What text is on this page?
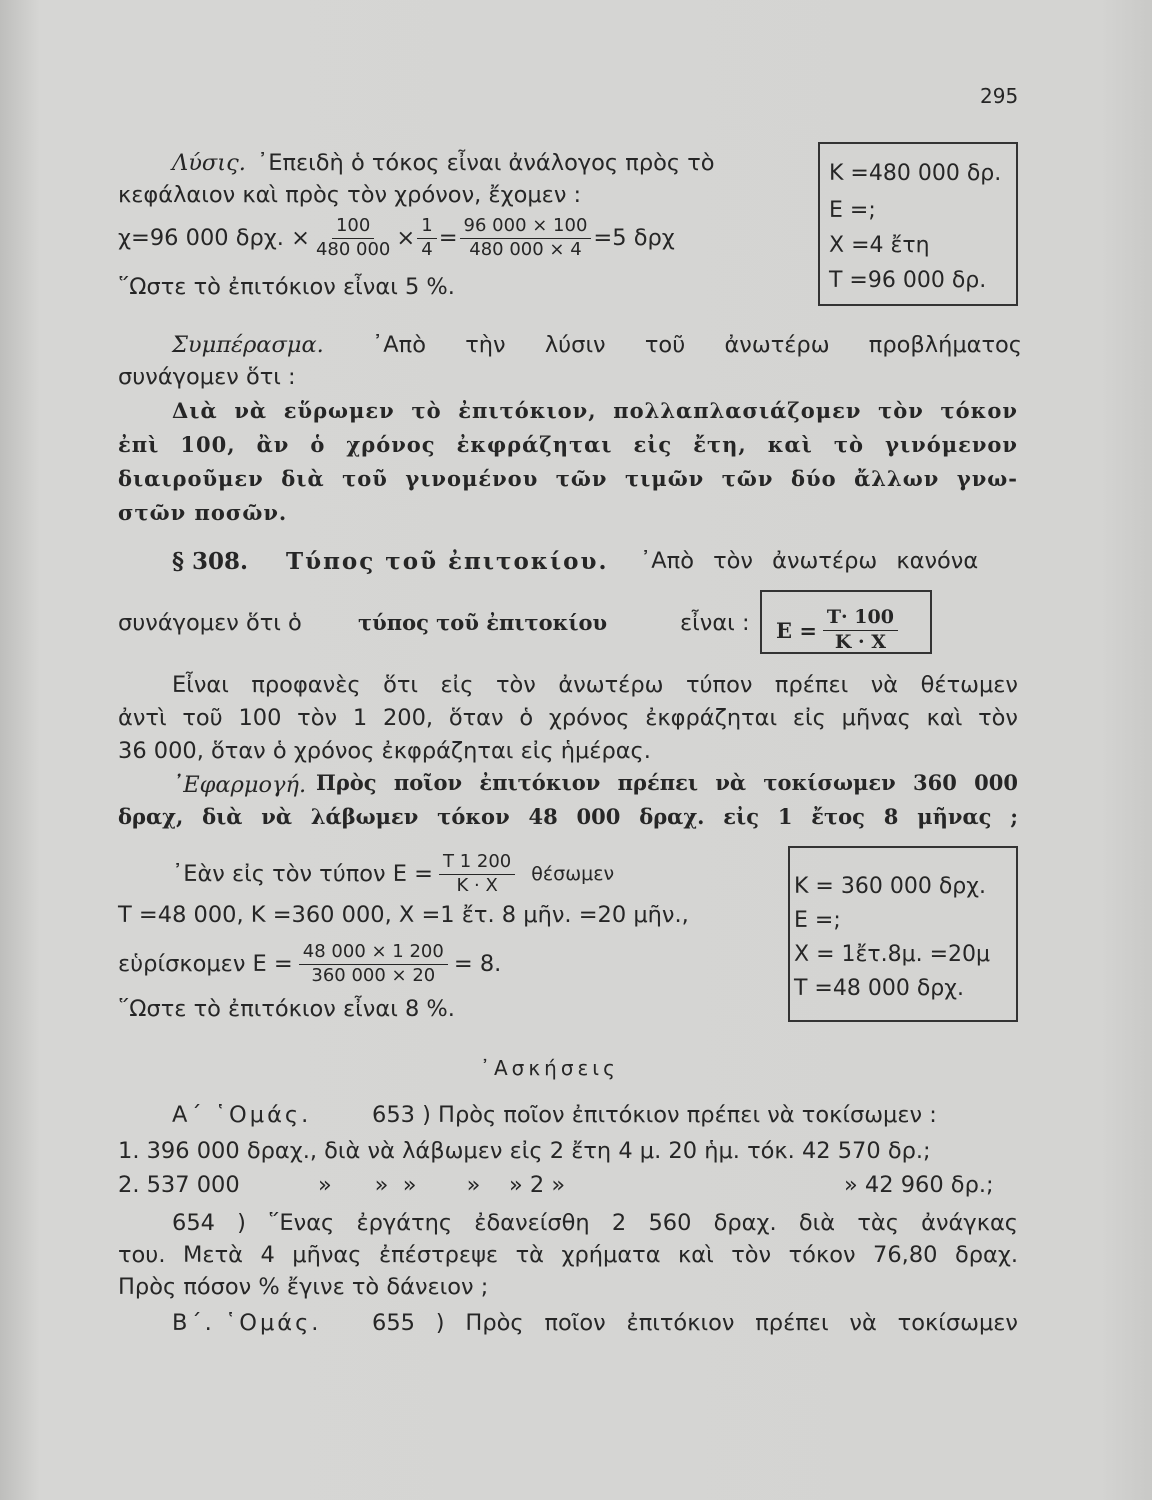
295
Λύσις. ᾿Επειδὴ ὁ τόκος εἶναι ἀνάλογος πρὸς τὸ
κεφάλαιον καὶ πρὸς τὸν χρόνον, ἔχομεν :
χ=96 000 δρχ. × $\frac{100}{480 000} \times \frac{1}{4} = \frac{96 000 \times 100}{480 000 \times 4} =5$ δρχ
῞Ωστε τὸ ἐπιτόκιον εἶναι 5 %.
Κ =480 000 δρ.
Ε =;
Χ =4 ἔτη
Τ =96 000 δρ.
Συμπέρασμα. ᾿Απὸ τὴν λύσιν τοῦ ἀνωτέρω προβλήματος
συνάγομεν ὅτι :
Διὰ νὰ εὕρωμεν τὸ ἐπιτόκιον, πολλαπλασιάζομεν τὸν τόκον
ἐπὶ 100, ἂν ὁ χρόνος ἐκφράζηται εἰς ἔτη, καὶ τὸ γινόμενον
διαιροῦμεν διὰ τοῦ γινομένου τῶν τιμῶν τῶν δύο ἄλλων γνω-
στῶν ποσῶν.
§ 308. Τύπος τοῦ ἐπιτοκίου. ᾿Απὸ τὸν ἀνωτέρω κανόνα
συνάγομεν ὅτι ὁ	τύπος τοῦ ἐπιτοκίου	εἶναι : $E = \frac{T\cdot 100}{K \cdot X}$
Εἶναι προφανὲς ὅτι εἰς τὸν ἀνωτέρω τύπον πρέπει νὰ θέτωμεν
ἀντὶ τοῦ 100 τὸν 1 200, ὅταν ὁ χρόνος ἐκφράζηται εἰς μῆνας καὶ τὸν
36 000, ὅταν ὁ χρόνος ἐκφράζηται εἰς ἡμέρας.
᾿Εφαρμογή. Πρὸς ποῖον ἐπιτόκιον πρέπει νὰ τοκίσωμεν 360 000
δραχ, διὰ νὰ λάβωμεν τόκον 48 000 δραχ. εἰς 1 ἔτος 8 μῆνας ;
᾿Εὰν εἰς τὸν τύπον $E = \frac{T 1 200}{K \cdot X}$ θέσωμεν
Τ =48 000, Κ =360 000, Χ =1 ἔτ. 8 μῆν. =20 μῆν.,
εὑρίσκομεν $E = \frac{48 000 \times 1 200}{360 000 \times 20} = 8$.
῞Ωστε τὸ ἐπιτόκιον εἶναι 8 %.
Κ = 360 000 δρχ.
Ε =;
Χ = 1ἔτ.8μ. =20μ
Τ =48 000 δρχ.
᾿Ασκήσεις
Α΄ ῾Ομάς.	653 ) Πρὸς ποῖον ἐπιτόκιον πρέπει νὰ τοκίσωμεν :
1. 396 000 δραχ., διὰ νὰ λάβωμεν εἰς 2 ἔτη 4 μ. 20 ἡμ. τόκ. 42 570 δρ.;
2. 537 000	»      »  »       »    » 2 »	» 42 960 δρ.;
654 ) ῞Ενας ἐργάτης ἐδανείσθη 2 560 δραχ. διὰ τὰς ἀνάγκας
του. Μετὰ 4 μῆνας ἐπέστρεψε τὰ χρήματα καὶ τὸν τόκον 76,80 δραχ.
Πρὸς πόσον % ἔγινε τὸ δάνειον ;
Β΄. ῾Ομάς. 655 ) Πρὸς ποῖον ἐπιτόκιον πρέπει νὰ τοκίσωμεν
